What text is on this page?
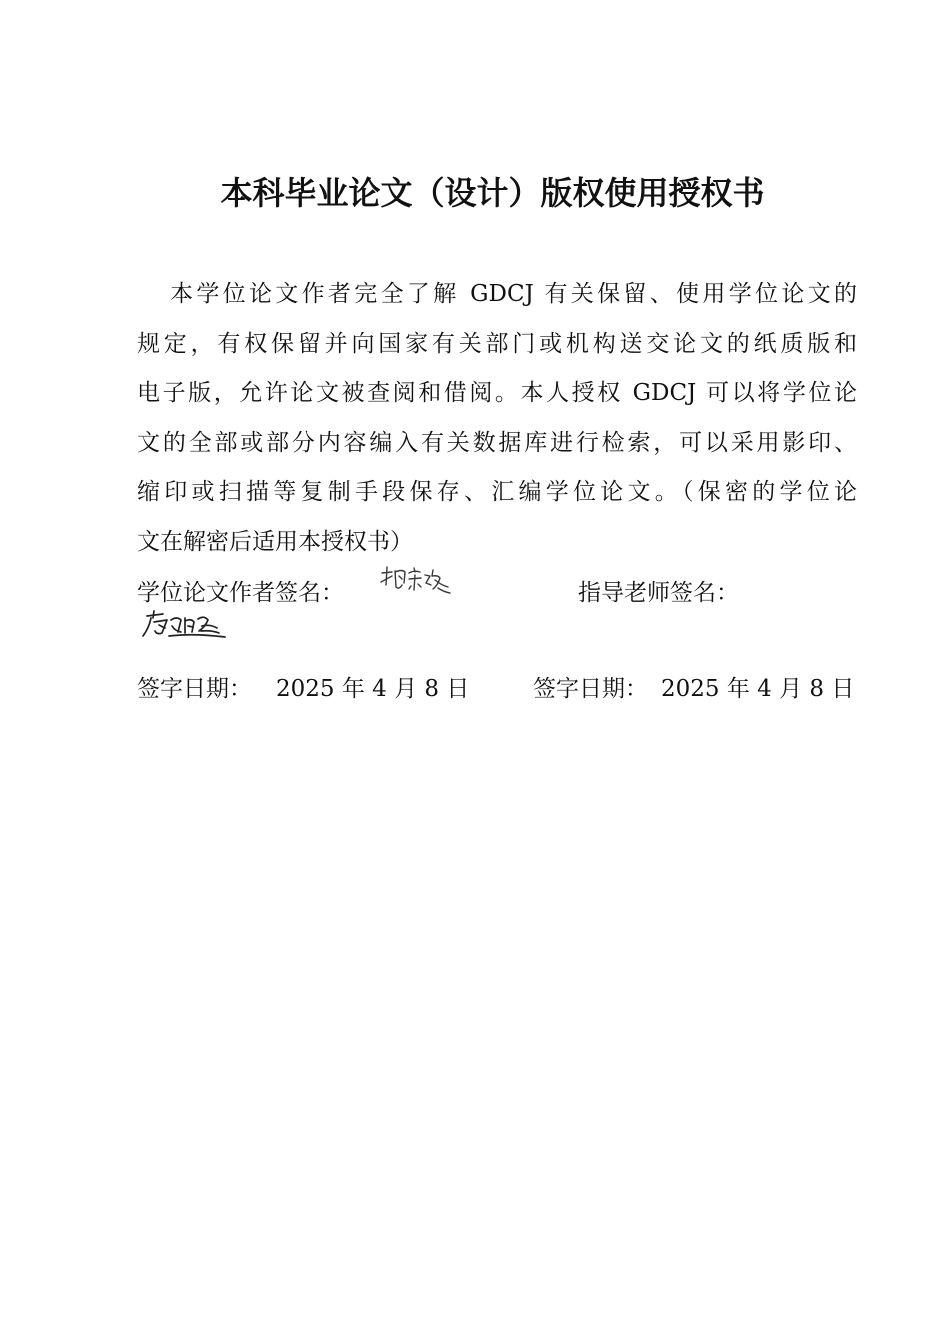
本科毕业论文（设计）版权使用授权书
本学位论文作者完全了解 GDCJ 有关保留、使用学位论文的
规定，有权保留并向国家有关部门或机构送交论文的纸质版和
电子版，允许论文被查阅和借阅。本人授权 GDCJ 可以将学位论
文的全部或部分内容编入有关数据库进行检索，可以采用影印、
缩印或扫描等复制手段保存、汇编学位论文。（保密的学位论
文在解密后适用本授权书）
学位论文作者签名：	指导老师签名：
签字日期： 2025 年 4 月 8 日	签字日期： 2025 年 4 月 8 日
